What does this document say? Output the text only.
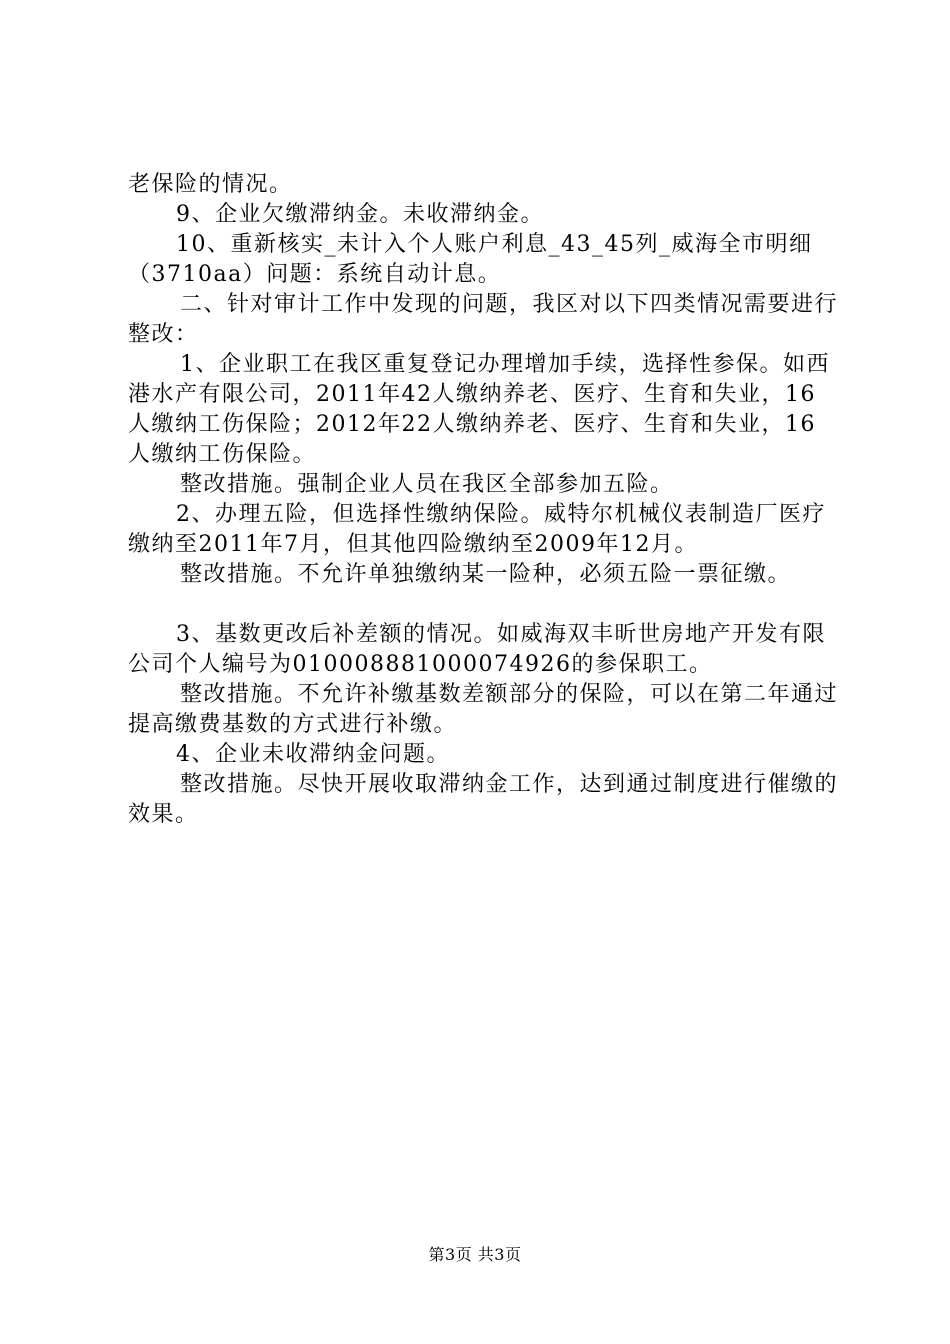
老保险的情况。

9、企业欠缴滞纳金。未收滞纳金。

10、重新核实_未计入个人账户利息_43_45列_威海全市明细（3710aa）问题：系统自动计息。

二、针对审计工作中发现的问题，我区对以下四类情况需要进行整改：

1、企业职工在我区重复登记办理增加手续，选择性参保。如西港水产有限公司，2011年42人缴纳养老、医疗、生育和失业，16人缴纳工伤保险；2012年22人缴纳养老、医疗、生育和失业，16人缴纳工伤保险。

整改措施。强制企业人员在我区全部参加五险。

2、办理五险，但选择性缴纳保险。威特尔机械仪表制造厂医疗缴纳至2011年7月，但其他四险缴纳至2009年12月。

整改措施。不允许单独缴纳某一险种，必须五险一票征缴。

3、基数更改后补差额的情况。如威海双丰昕世房地产开发有限公司个人编号为010008881000074926的参保职工。

整改措施。不允许补缴基数差额部分的保险，可以在第二年通过提高缴费基数的方式进行补缴。

4、企业未收滞纳金问题。

整改措施。尽快开展收取滞纳金工作，达到通过制度进行催缴的效果。

第3页 共3页
